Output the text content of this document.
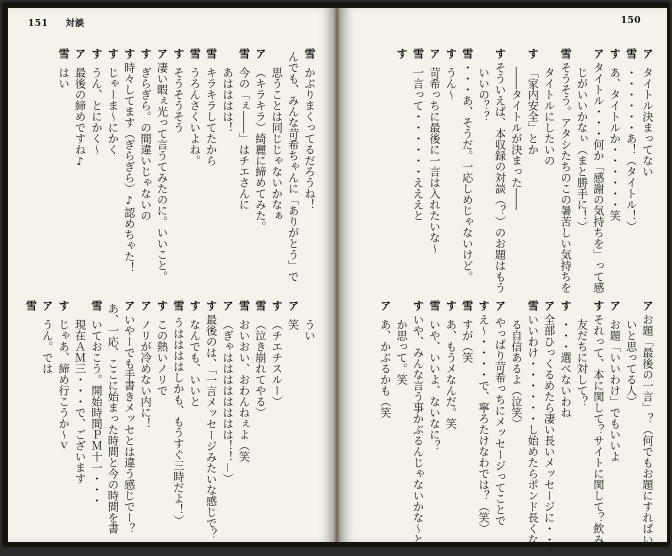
151 対談
雪
かぶりまくってるだろうね！
んでも、みんな苛希ちゃんに「ありがとう」で
思うことは同じじゃないかなぁ
ア
（キラキラ）綺麗に締めてみた。
雪
今の「ぇ――」はチエさんに
あはははは！
雪
キラキラしてたから
雪
うろんさくいよね。
す
そうそうそう
ア
凄い暇ぇ光って言うてみたのに。いいこと。
す
ぎらぎら。の間違いじゃないの
す
時々してます（ぎらぎら）♪認めちゃた！
す
じゃーま～にかく
す
うん、とにかく～
ア
最後の締めですね♪
雪
はい
うい
ア
笑
す
（チエチスルー）
雪
（泣き崩れてやる）
雪
おいおい、おわんねぇよ（笑
ア
（ぎゃはははははははは！！－）
す
最後のは、「一言メッセージみたいな感じで？
す
なんでも、いいと
雪
うははははしかも、もうすぐ三時だよ！）
す
この熱いノリで
ア
ノリが冷めない内に！
ア
いやーでも手書きメッセとは違う感じでー？
あ、一応、ここに始まった時間と今の時間を書
雪
いておこう。開始時間ＰＭ十一・・・
現在ＡＭ三・・・で、ございます
す
じゃあ、締め行こうか～ｖ
ア
うん。では
雪
150
ア
タイトル決まってない
雪
・・・・・・あ！（タイトル！）
す
あ、タイトルか・・・・・・笑
ア
タイトル・・・何か「感謝の気持ちを」って感
じがいいかなぃ（まと勝手に！）
雪
そうそう。アタシたちのこの暑苦しい気持ちを
タイトルにしたいの
す
「家内安全」とか
――タイトルが決まった――
す
そういえば、本収録の対談（？）のお題はもう
いいの？？
雪
・・・あ、そうだ。一応しめじゃないけど。
す
うん～
ア
苛希っちに最後に一言は入れたいな～
雪
一言って・・・・・・えええと
す
ア
お題「最後の一言」？（何でもお題にすればい
いと思ってる人）
ア
お題「いいわけ」でもいいよ
す
それって、本に関して？サイトに関して？飲み
友だちに対して？
す
・・・選べないわね
ア
全部ひっくるめたら凄い長いメッセージに・・・
雪
いいわけ・・・・・・し始めたらポンド長くな
る自信あるよ（泣笑）
ア
やっぱり苛希っちにメッセージってことで
す
え～・・・・で、寧ろたけなわでは？（笑）
雪
すが（笑
す
あ、もうメなんだ。笑
雪
いや、いいよ、ないなに？
す
いや、みんな言う事かぶるんじゃないかな～と
か思って。笑
ア
あ、かぶるかも（笑
